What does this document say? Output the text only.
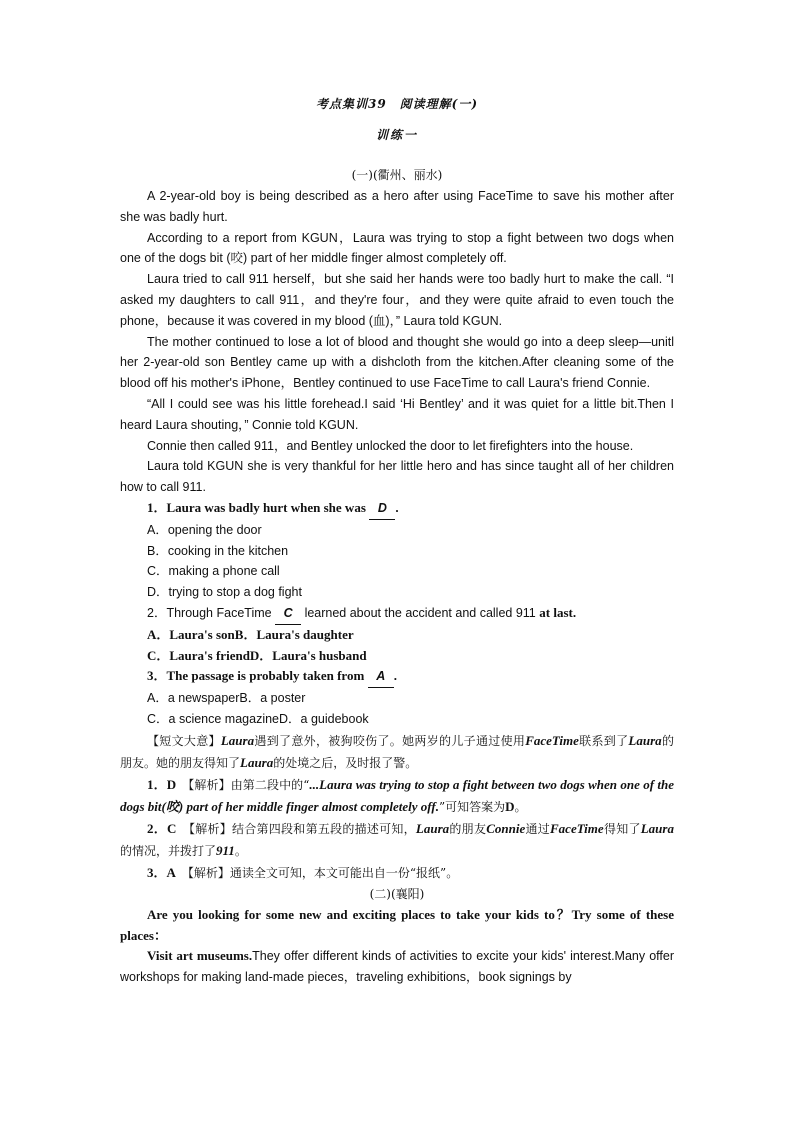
考点集训39　阅读理解(一)
训练一
(一)(衢州、丽水)

A 2-year-old boy is being described as a hero after using FaceTime to save his mother after she was badly hurt.

According to a report from KGUN，Laura was trying to stop a fight between two dogs when one of the dogs bit (咬) part of her middle finger almost completely off.

Laura tried to call 911 herself，but she said her hands were too badly hurt to make the call. “I asked my daughters to call 911，and they're four，and they were quite afraid to even touch the phone，because it was covered in my blood (血)，” Laura told KGUN.

The mother continued to lose a lot of blood and thought she would go into a deep sleep—unitl her 2-year-old son Bentley came up with a dishcloth from the kitchen.After cleaning some of the blood off his mother's iPhone，Bentley continued to use FaceTime to call Laura's friend Connie.

“All I could see was his little forehead.I said ‘Hi Bentley’ and it was quiet for a little bit.Then I heard Laura shouting，” Connie told KGUN.

Connie then called 911，and Bentley unlocked the door to let firefighters into the house.

Laura told KGUN she is very thankful for her little hero and has since taught all of her children how to call 911.

1．Laura was badly hurt when she was D .
A．opening the door
B．cooking in the kitchen
C．making a phone call
D．trying to stop a dog fight
2．Through FaceTime C learned about the accident and called 911 at last.
A．Laura's sonB．Laura's daughter
C．Laura's friendD．Laura's husband
3．The passage is probably taken from A .
A．a newspaperB．a poster
C．a science magazineD．a guidebook

【短文大意】Laura遇到了意外，被狗咬伤了。她两岁的儿子通过使用FaceTime联系到了Laura的朋友。她的朋友得知了Laura的处境之后，及时报了警。

1．D　 【解析】由第二段中的“...Laura was trying to stop a fight between two dogs when one of the dogs bit(咬) part of her middle finger almost completely off.”可知答案为D。

2．C　 【解析】结合第四段和第五段的描述可知，Laura的朋友Connie通过FaceTime得知了Laura的情况，并拨打了911。

3．A　 【解析】通读全文可知，本文可能出自一份“报纸”。

(二)(襄阳)

Are you looking for some new and exciting places to take your kids to？Try some of these places：

Visit art museums.They offer different kinds of activities to excite your kids' interest.Many offer workshops for making land-made pieces，traveling exhibitions，book signings by
